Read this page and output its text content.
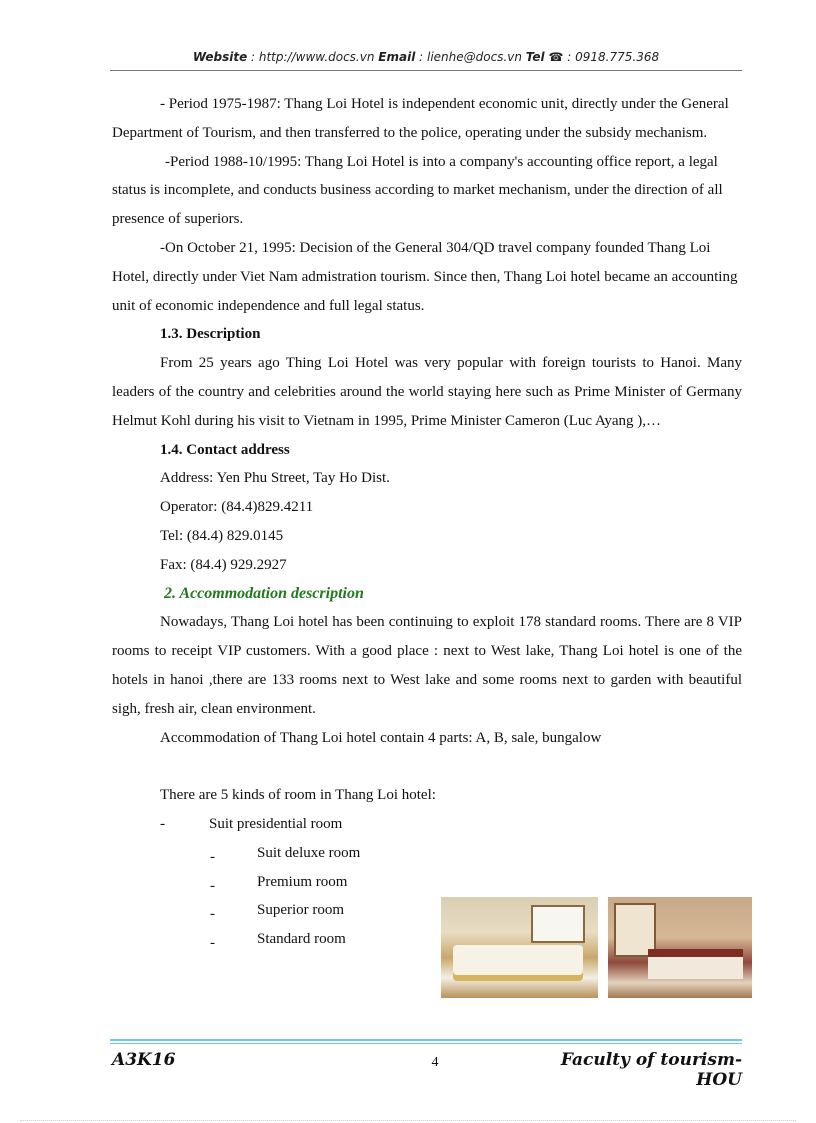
Website : http://www.docs.vn Email : lienhe@docs.vn Tel ☎ : 0918.775.368

- Period 1975-1987: Thang Loi Hotel is independent economic unit, directly under the General Department of Tourism, and then transferred to the police, operating under the subsidy mechanism.

-Period 1988-10/1995: Thang Loi Hotel is into a company's accounting office report, a legal status is incomplete, and conducts business according to market mechanism, under the direction of all presence of superiors.

-On October 21, 1995: Decision of the General 304/QD travel company founded Thang Loi Hotel, directly under Viet Nam admistration tourism. Since then, Thang Loi hotel became an accounting unit of economic independence and full legal status.

1.3. Description

From 25 years ago Thing Loi Hotel was very popular with foreign tourists to Hanoi. Many leaders of the country and celebrities around the world staying here such as Prime Minister of Germany Helmut Kohl during his visit to Vietnam in 1995, Prime Minister Cameron (Luc Ayang ),…

1.4. Contact address

Address: Yen Phu Street, Tay Ho Dist.

Operator: (84.4)829.4211

Tel: (84.4) 829.0145

Fax: (84.4) 929.2927

2. Accommodation description

Nowadays, Thang Loi hotel has been continuing to exploit 178 standard rooms. There are 8 VIP rooms to receipt VIP customers. With a good place : next to West lake, Thang Loi hotel is one of the hotels in hanoi ,there are 133 rooms next to West lake and some rooms next to garden with beautiful sigh, fresh air, clean environment.

Accommodation of Thang Loi hotel contain 4 parts: A, B, sale, bungalow

There are 5 kinds of room in Thang Loi hotel:

-	Suit presidential room
-	Suit deluxe room
-	Premium room
-	Superior room
-	Standard room
A3K16	4	Faculty of tourism- HOU
